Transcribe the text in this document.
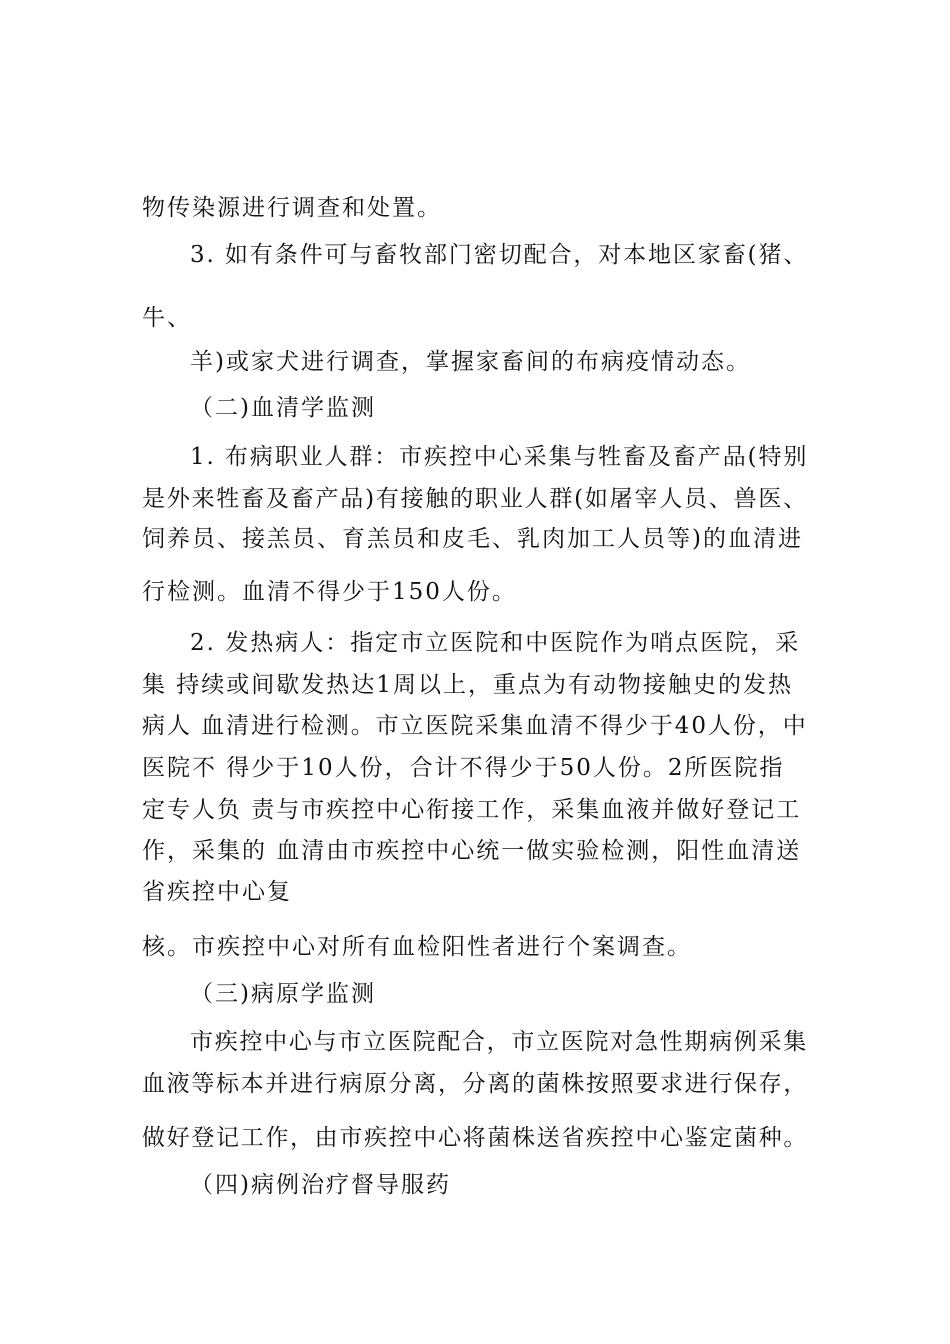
物传染源进行调查和处置。
3. 如有条件可与畜牧部门密切配合，对本地区家畜(猪、
牛、
羊)或家犬进行调查，掌握家畜间的布病疫情动态。
（二)血清学监测
1. 布病职业人群：市疾控中心采集与牲畜及畜产品(特别
是外来牲畜及畜产品)有接触的职业人群(如屠宰人员、兽医、
饲养员、接羔员、育羔员和皮毛、乳肉加工人员等)的血清进
行检测。血清不得少于150人份。
2. 发热病人：指定市立医院和中医院作为哨点医院，采
集 持续或间歇发热达1周以上，重点为有动物接触史的发热
病人 血清进行检测。市立医院采集血清不得少于40人份，中
医院不 得少于10人份，合计不得少于50人份。2所医院指
定专人负 责与市疾控中心衔接工作，采集血液并做好登记工
作，采集的 血清由市疾控中心统一做实验检测，阳性血清送
省疾控中心复
核。市疾控中心对所有血检阳性者进行个案调查。
（三)病原学监测
市疾控中心与市立医院配合，市立医院对急性期病例采集
血液等标本并进行病原分离，分离的菌株按照要求进行保存，
做好登记工作，由市疾控中心将菌株送省疾控中心鉴定菌种。
（四)病例治疗督导服药
